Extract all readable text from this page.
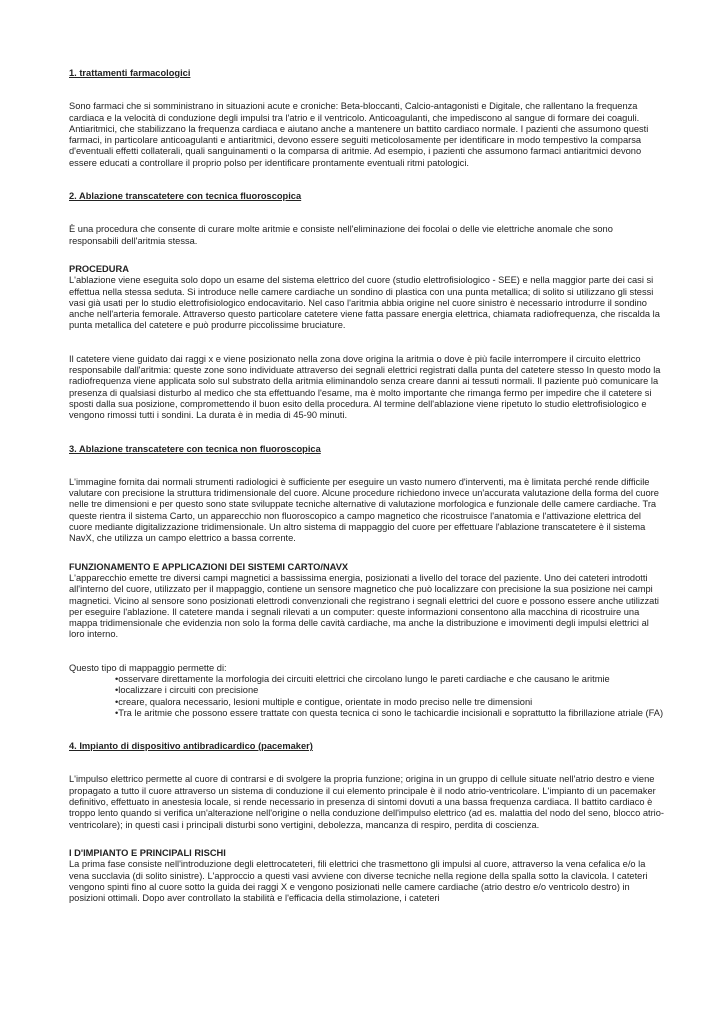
1. trattamenti farmacologici

Sono farmaci che si somministrano in situazioni acute e croniche: Beta-bloccanti, Calcio-antagonisti e Digitale, che rallentano la frequenza cardiaca e la velocità di conduzione degli impulsi tra l'atrio e il ventricolo. Anticoagulanti, che impediscono al sangue di formare dei coaguli. Antiaritmici, che stabilizzano la frequenza cardiaca e aiutano anche a mantenere un battito cardiaco normale. I pazienti che assumono questi farmaci, in particolare anticoagulanti e antiaritmici, devono essere seguiti meticolosamente per identificare in modo tempestivo la comparsa d'eventuali effetti collaterali, quali sanguinamenti o la comparsa di aritmie. Ad esempio, i pazienti che assumono farmaci antiaritmici devono essere educati a controllare il proprio polso per identificare prontamente eventuali ritmi patologici.

2. Ablazione transcatetere con tecnica fluoroscopica

È una procedura che consente di curare molte aritmie e consiste nell'eliminazione dei focolai o delle vie elettriche anomale che sono responsabili dell'aritmia stessa.

PROCEDURA

L'ablazione viene eseguita solo dopo un esame del sistema elettrico del cuore (studio elettrofisiologico - SEE) e nella maggior parte dei casi si effettua nella stessa seduta. Si introduce nelle camere cardiache un sondino di plastica con una punta metallica; di solito si utilizzano gli stessi vasi già usati per lo studio elettrofisiologico endocavitario. Nel caso l'aritmia abbia origine nel cuore sinistro è necessario introdurre il sondino anche nell'arteria femorale. Attraverso questo particolare catetere viene fatta passare energia elettrica, chiamata radiofrequenza, che riscalda la punta metallica del catetere e può produrre piccolissime bruciature.

Il catetere viene guidato dai raggi x e viene posizionato nella zona dove origina la aritmia o dove è più facile interrompere il circuito elettrico responsabile dall'aritmia: queste zone sono individuate attraverso dei segnali elettrici registrati dalla punta del catetere stesso In questo modo la radiofrequenza viene applicata solo sul substrato della aritmia eliminandolo senza creare danni ai tessuti normali. Il paziente può comunicare la presenza di qualsiasi disturbo al medico che sta effettuando l'esame, ma è molto importante che rimanga fermo per impedire che il catetere si sposti dalla sua posizione, compromettendo il buon esito della procedura. Al termine dell'ablazione viene ripetuto lo studio elettrofisiologico e vengono rimossi tutti i sondini. La durata è in media di 45-90 minuti.

3. Ablazione transcatetere con tecnica non fluoroscopica

L'immagine fornita dai normali strumenti radiologici è sufficiente per eseguire un vasto numero d'interventi, ma è limitata perché rende difficile valutare con precisione la struttura tridimensionale del cuore. Alcune procedure richiedono invece un'accurata valutazione della forma del cuore nelle tre dimensioni e per questo sono state sviluppate tecniche alternative di valutazione morfologica e funzionale delle camere cardiache. Tra queste rientra il sistema Carto, un apparecchio non fluoroscopico a campo magnetico che ricostruisce l'anatomia e l'attivazione elettrica del cuore mediante digitalizzazione tridimensionale. Un altro sistema di mappaggio del cuore per effettuare l'ablazione transcatetere è il sistema NavX, che utilizza un campo elettrico a bassa corrente.

FUNZIONAMENTO E APPLICAZIONI DEI SISTEMI CARTO/NAVX

L'apparecchio emette tre diversi campi magnetici a bassissima energia, posizionati a livello del torace del paziente. Uno dei cateteri introdotti all'interno del cuore, utilizzato per il mappaggio, contiene un sensore magnetico che può localizzare con precisione la sua posizione nei campi magnetici. Vicino al sensore sono posizionati elettrodi convenzionali che registrano i segnali elettrici del cuore e possono essere anche utilizzati per eseguire l'ablazione. Il catetere manda i segnali rilevati a un computer: queste informazioni consentono alla macchina di ricostruire una mappa tridimensionale che evidenzia non solo la forma delle cavità cardiache, ma anche la distribuzione e imovimenti degli impulsi elettrici al loro interno.

Questo tipo di mappaggio permette di:

•osservare direttamente la morfologia dei circuiti elettrici che circolano lungo le pareti cardiache e che causano le aritmie
•localizzare i circuiti con precisione
•creare, qualora necessario, lesioni multiple e contigue, orientate in modo preciso nelle tre dimensioni
•Tra le aritmie che possono essere trattate con questa tecnica ci sono le tachicardie incisionali e soprattutto la fibrillazione atriale (FA)

4. Impianto di dispositivo antibradicardico (pacemaker)

L'impulso elettrico permette al cuore di contrarsi e di svolgere la propria funzione; origina in un gruppo di cellule situate nell'atrio destro e viene propagato a tutto il cuore attraverso un sistema di conduzione il cui elemento principale è il nodo atrio-ventricolare. L'impianto di un pacemaker definitivo, effettuato in anestesia locale, si rende necessario in presenza di sintomi dovuti a una bassa frequenza cardiaca. Il battito cardiaco è troppo lento quando si verifica un'alterazione nell'origine o nella conduzione dell'impulso elettrico (ad es. malattia del nodo del seno, blocco atrio-ventricolare); in questi casi i principali disturbi sono vertigini, debolezza, mancanza di respiro, perdita di coscienza.

I D'IMPIANTO E PRINCIPALI RISCHI

La prima fase consiste nell'introduzione degli elettrocateteri, fili elettrici che trasmettono gli impulsi al cuore, attraverso la vena cefalica e/o la vena succlavia (di solito sinistre). L'approccio a questi vasi avviene con diverse tecniche nella regione della spalla sotto la clavicola. I cateteri vengono spinti fino al cuore sotto la guida dei raggi X e vengono posizionati nelle camere cardiache (atrio destro e/o ventricolo destro) in posizioni ottimali. Dopo aver controllato la stabilità e l'efficacia della stimolazione, i cateteri
